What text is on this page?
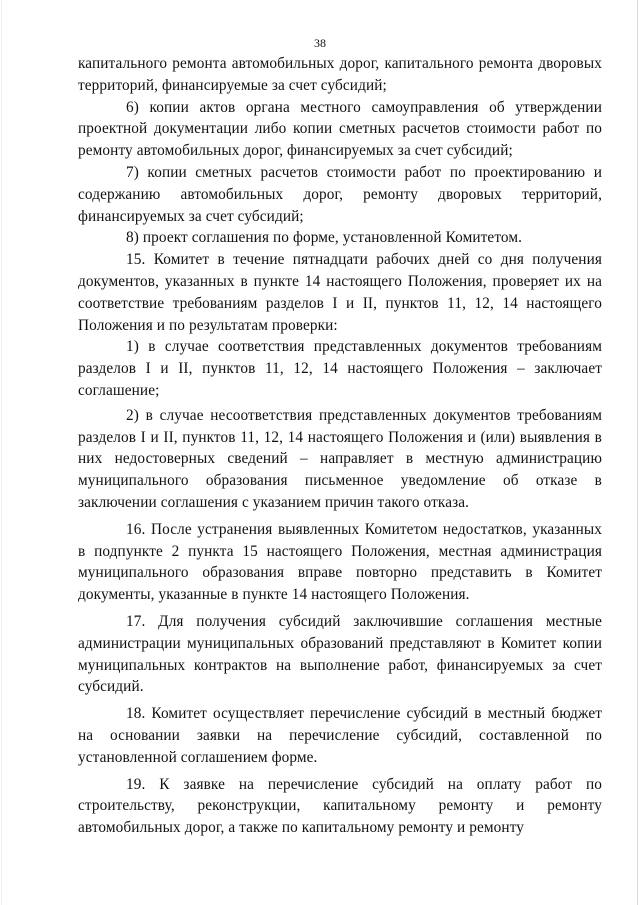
38

капитального ремонта автомобильных дорог, капитального ремонта дворовых территорий, финансируемые за счет субсидий;

6) копии актов органа местного самоуправления об утверждении проектной документации либо копии сметных расчетов стоимости работ по ремонту автомобильных дорог, финансируемых за счет субсидий;

7) копии сметных расчетов стоимости работ по проектированию и содержанию автомобильных дорог, ремонту дворовых территорий, финансируемых за счет субсидий;

8) проект соглашения по форме, установленной Комитетом.

15. Комитет в течение пятнадцати рабочих дней со дня получения документов, указанных в пункте 14 настоящего Положения, проверяет их на соответствие требованиям разделов I и II, пунктов 11, 12, 14 настоящего Положения и по результатам проверки:

1) в случае соответствия представленных документов требованиям разделов I и II, пунктов 11, 12, 14 настоящего Положения – заключает соглашение;

2) в случае несоответствия представленных документов требованиям разделов I и II, пунктов 11, 12, 14 настоящего Положения и (или) выявления в них недостоверных сведений – направляет в местную администрацию муниципального образования письменное уведомление об отказе в заключении соглашения с указанием причин такого отказа.

16. После устранения выявленных Комитетом недостатков, указанных в подпункте 2 пункта 15 настоящего Положения, местная администрация муниципального образования вправе повторно представить в Комитет документы, указанные в пункте 14 настоящего Положения.

17. Для получения субсидий заключившие соглашения местные администрации муниципальных образований представляют в Комитет копии муниципальных контрактов на выполнение работ, финансируемых за счет субсидий.

18. Комитет осуществляет перечисление субсидий в местный бюджет на основании заявки на перечисление субсидий, составленной по установленной соглашением форме.

19. К заявке на перечисление субсидий на оплату работ по строительству, реконструкции, капитальному ремонту и ремонту автомобильных дорог, а также по капитальному ремонту и ремонту
